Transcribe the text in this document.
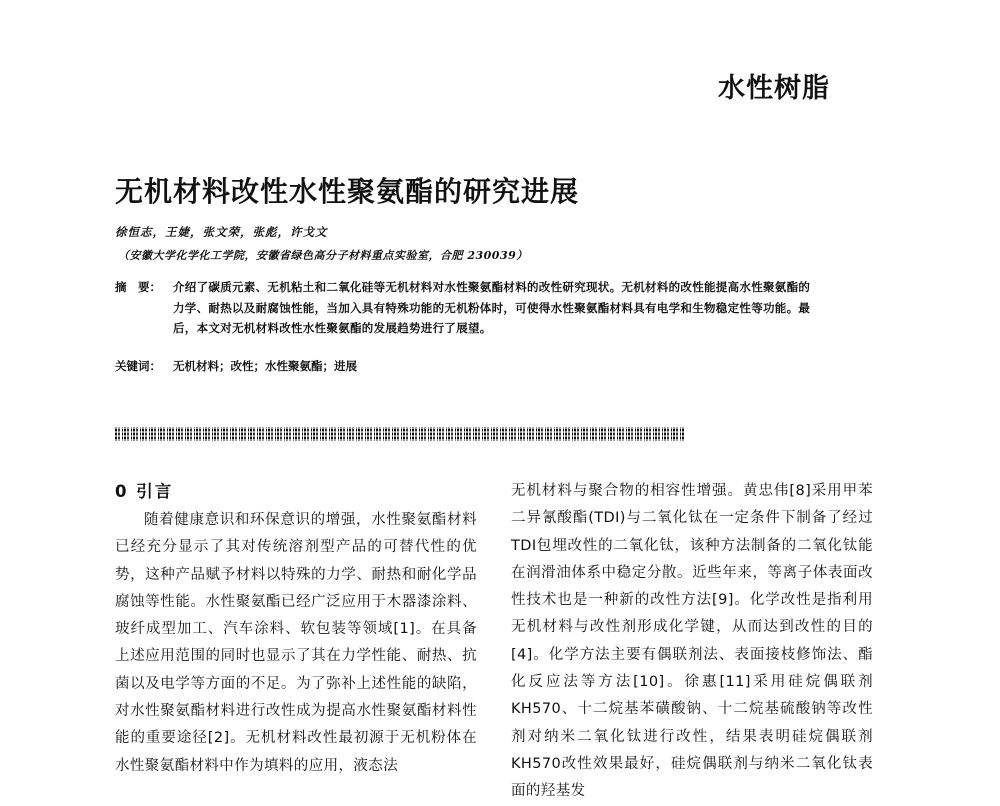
水性树脂
无机材料改性水性聚氨酯的研究进展
徐恒志，王婕，张文荣，张彪，许戈文
（安徽大学化学化工学院，安徽省绿色高分子材料重点实验室，合肥 230039）
摘　要：	介绍了碳质元素、无机粘土和二氧化硅等无机材料对水性聚氨酯材料的改性研究现状。无机材料的改性能提高水性聚氨酯的力学、耐热以及耐腐蚀性能，当加入具有特殊功能的无机粉体时，可使得水性聚氨酯材料具有电学和生物稳定性等功能。最后，本文对无机材料改性水性聚氨酯的发展趋势进行了展望。
关键词： 无机材料；改性；水性聚氨酯；进展
0 引言

随着健康意识和环保意识的增强，水性聚氨酯材料已经充分显示了其对传统溶剂型产品的可替代性的优势，这种产品赋予材料以特殊的力学、耐热和耐化学品腐蚀等性能。水性聚氨酯已经广泛应用于木器漆涂料、玻纤成型加工、汽车涂料、软包装等领域[1]。在具备上述应用范围的同时也显示了其在力学性能、耐热、抗菌以及电学等方面的不足。为了弥补上述性能的缺陷，对水性聚氨酯材料进行改性成为提高水性聚氨酯材料性能的重要途径[2]。无机材料改性最初源于无机粉体在水性聚氨酯材料中作为填料的应用，液态法

无机材料与聚合物的相容性增强。黄忠伟[8]采用甲苯二异氰酸酯(TDI)与二氧化钛在一定条件下制备了经过TDI包埋改性的二氧化钛，该种方法制备的二氧化钛能在润滑油体系中稳定分散。近些年来，等离子体表面改性技术也是一种新的改性方法[9]。化学改性是指利用无机材料与改性剂形成化学键，从而达到改性的目的[4]。化学方法主要有偶联剂法、表面接枝修饰法、酯化反应法等方法[10]。徐惠[11]采用硅烷偶联剂KH570、十二烷基苯磺酸钠、十二烷基硫酸钠等改性剂对纳米二氧化钛进行改性，结果表明硅烷偶联剂KH570改性效果最好，硅烷偶联剂与纳米二氧化钛表面的羟基发
